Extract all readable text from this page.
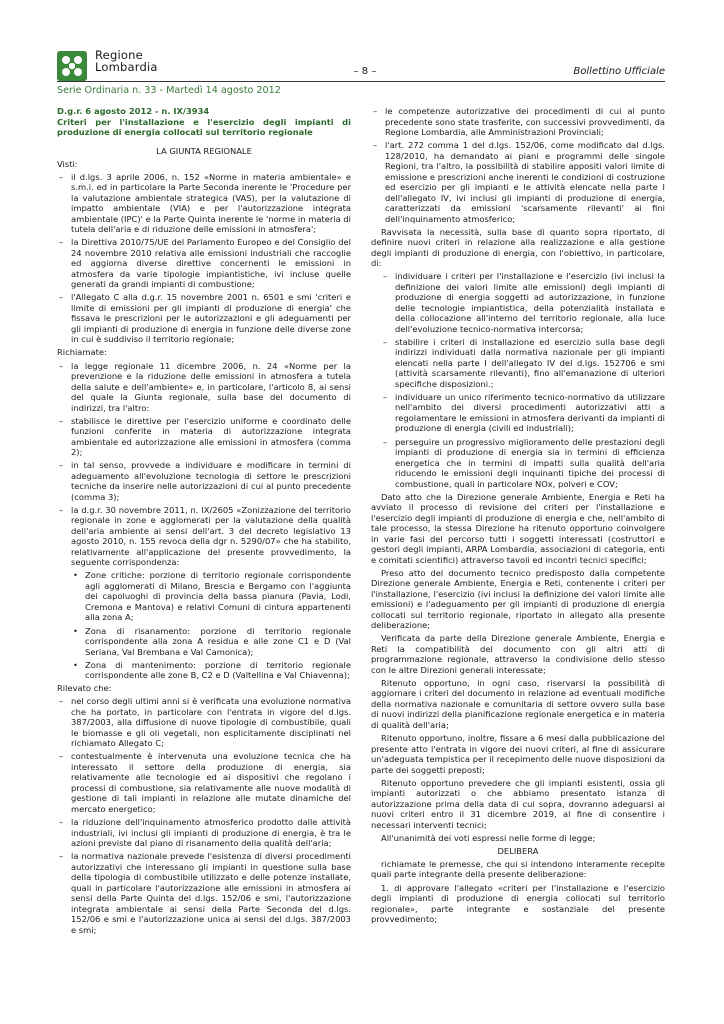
Regione
Lombardia	– 8 –	Bollettino Ufficiale
Serie Ordinaria n. 33 - Martedì 14 agosto 2012

D.g.r. 6 agosto 2012 - n. IX/3934

Criteri per l'installazione e l'esercizio degli impianti di produzione di energia collocati sul territorio regionale

LA GIUNTA REGIONALE

Visti:

– il d.lgs. 3 aprile 2006, n. 152 «Norme in materia ambientale» e s.m.i. ed in particolare la Parte Seconda inerente le 'Procedure per la valutazione ambientale strategica (VAS), per la valutazione di impatto ambientale (VIA) e per l'autorizzazione integrata ambientale (IPC)' e la Parte Quinta inerente le 'norme in materia di tutela dell'aria e di riduzione delle emissioni in atmosfera';
– la Direttiva 2010/75/UE del Parlamento Europeo e del Consiglio del 24 novembre 2010 relativa alle emissioni industriali che raccoglie ed aggiorna diverse direttive concernenti le emissioni in atmosfera da varie tipologie impiantistiche, ivi incluse quelle generati da grandi impianti di combustione;
– l'Allegato C alla d.g.r. 15 novembre 2001 n. 6501 e smi 'criteri e limite di emissioni per gli impianti di produzione di energia' che fissava le prescrizioni per le autorizzazioni e gli adeguamenti per gli impianti di produzione di energia in funzione delle diverse zone in cui è suddiviso il territorio regionale;

Richiamate:

– la legge regionale 11 dicembre 2006, n. 24 «Norme per la prevenzione e la riduzione delle emissioni in atmosfera a tutela della salute e dell'ambiente» e, in particolare, l'articolo 8, ai sensi del quale la Giunta regionale, sulla base del documento di indirizzi, tra l'altro:
– stabilisce le direttive per l'esercizio uniforme e coordinato delle funzioni conferite in materia di autorizzazione integrata ambientale ed autorizzazione alle emissioni in atmosfera (comma 2);
– in tal senso, provvede a individuare e modificare in termini di adeguamento all'evoluzione tecnologia di settore le prescrizioni tecniche da inserire nelle autorizzazioni di cui al punto precedente (comma 3);
– la d.g.r. 30 novembre 2011, n. IX/2605 «Zonizzazione del territorio regionale in zone e agglomerati per la valutazione della qualità dell'aria ambiente ai sensi dell'art. 3 del decreto legislativo 13 agosto 2010, n. 155 revoca della dgr n. 5290/07» che ha stabilito, relativamente all'applicazione del presente provvedimento, la seguente corrispondenza:
• Zone critiche: porzione di territorio regionale corrispondente agli agglomerati di Milano, Brescia e Bergamo con l'aggiunta dei capoluoghi di provincia della bassa pianura (Pavia, Lodi, Cremona e Mantova) e relativi Comuni di cintura appartenenti alla zona A;
• Zona di risanamento: porzione di territorio regionale corrispondente alla zona A residua e alle zone C1 e D (Val Seriana, Val Brembana e Val Camonica);
• Zona di mantenimento: porzione di territorio regionale corrispondente alle zone B, C2 e D (Valtellina e Val Chiavenna);

Rilevato che:

– nel corso degli ultimi anni si è verificata una evoluzione normativa che ha portato, in particolare con l'entrata in vigore del d.lgs. 387/2003, alla diffusione di nuove tipologie di combustibile, quali le biomasse e gli oli vegetali, non esplicitamente disciplinati nel richiamato Allegato C;
– contestualmente è intervenuta una evoluzione tecnica che ha interessato il settore della produzione di energia, sia relativamente alle tecnologie ed ai dispositivi che regolano i processi di combustione, sia relativamente alle nuove modalità di gestione di tali impianti in relazione alle mutate dinamiche del mercato energetico;
– la riduzione dell'inquinamento atmosferico prodotto dalle attività industriali, ivi inclusi gli impianti di produzione di energia, è tra le azioni previste dal piano di risanamento della qualità dell'aria;
– la normativa nazionale prevede l'esistenza di diversi procedimenti autorizzativi che interessano gli impianti in questione sulla base della tipologia di combustibile utilizzato e delle potenze installate, quali in particolare l'autorizzazione alle emissioni in atmosfera ai sensi della Parte Quinta del d.lgs. 152/06 e smi, l'autorizzazione integrata ambientale ai sensi della Parte Seconda del d.lgs. 152/06 e smi e l'autorizzazione unica ai sensi del d.lgs. 387/2003 e smi;
– le competenze autorizzative dei procedimenti di cui al punto precedente sono state trasferite, con successivi provvedimenti, da Regione Lombardia, alle Amministrazioni Provinciali;
– l'art. 272 comma 1 del d.lgs. 152/06, come modificato dal d.lgs. 128/2010, ha demandato ai piani e programmi delle singole Regioni, tra l'altro, la possibilità di stabilire appositi valori limite di emissione e prescrizioni anche inerenti le condizioni di costruzione ed esercizio per gli impianti e le attività elencate nella parte I dell'allegato IV, ivi inclusi gli impianti di produzione di energia, caratterizzati da emissioni 'scarsamente rilevanti' ai fini dell'inquinamento atmosferico;

Ravvisata la necessità, sulla base di quanto sopra riportato, di definire nuovi criteri in relazione alla realizzazione e alla gestione degli impianti di produzione di energia, con l'obiettivo, in particolare, di:

– individuare i criteri per l'installazione e l'esercizio (ivi inclusi la definizione dei valori limite alle emissioni) degli impianti di produzione di energia soggetti ad autorizzazione, in funzione delle tecnologie impiantistica, della potenzialità installata e della collocazione all'interno del territorio regionale, alla luce dell'evoluzione tecnico-normativa intercorsa;
– stabilire i criteri di installazione ed esercizio sulla base degli indirizzi individuati dalla normativa nazionale per gli impianti elencati nella parte I dell'allegato IV del d.lgs. 152706 e smi (attività scarsamente rilevanti), fino all'emanazione di ulteriori specifiche disposizioni.;
– individuare un unico riferimento tecnico-normativo da utilizzare nell'ambito dei diversi procedimenti autorizzativi atti a regolamentare le emissioni in atmosfera derivanti da impianti di produzione di energia (civili ed industriali);
– perseguire un progressivo miglioramento delle prestazioni degli impianti di produzione di energia sia in termini di efficienza energetica che in termini di impatti sulla qualità dell'aria riducendo le emissioni degli inquinanti tipiche dei processi di combustione, quali in particolare NOx, polveri e COV;

Dato atto che la Direzione generale Ambiente, Energia e Reti ha avviato il processo di revisione dei criteri per l'installazione e l'esercizio degli impianti di produzione di energia e che, nell'ambito di tale processo, la stessa Direzione ha ritenuto opportuno coinvolgere in varie fasi del percorso tutti i soggetti interessati (costruttori e gestori degli impianti, ARPA Lombardia, associazioni di categoria, enti e comitati scientifici) attraverso tavoli ed incontri tecnici specifici;

Preso atto del documento tecnico predisposto dalla competente Direzione generale Ambiente, Energia e Reti, contenente i criteri per l'installazione, l'esercizio (ivi inclusi la definizione dei valori limite alle emissioni) e l'adeguamento per gli impianti di produzione di energia collocati sul territorio regionale, riportato in allegato alla presente deliberazione;

Verificata da parte della Direzione generale Ambiente, Energia e Reti la compatibilità del documento con gli altri atti di programmazione regionale, attraverso la condivisione dello stesso con le altre Direzioni generali interessate;

Ritenuto opportuno, in ogni caso, riservarsi la possibilità di aggiornare i criteri del documento in relazione ad eventuali modifiche della normativa nazionale e comunitaria di settore ovvero sulla base di nuovi indirizzi della pianificazione regionale energetica e in materia di qualità dell'aria;

Ritenuto opportuno, inoltre, fissare a 6 mesi dalla pubblicazione del presente atto l'entrata in vigore dei nuovi criteri, al fine di assicurare un'adeguata tempistica per il recepimento delle nuove disposizioni da parte dei soggetti preposti;

Ritenuto opportuno prevedere che gli impianti esistenti, ossia gli impianti autorizzati o che abbiamo presentato istanza di autorizzazione prima della data di cui sopra, dovranno adeguarsi ai nuovi criteri entro il 31 dicembre 2019, al fine di consentire i necessari interventi tecnici;

All'unanimità dei voti espressi nelle forme di legge;

DELIBERA

richiamate le premesse, che qui si intendono interamente recepite quali parte integrante della presente deliberazione:

1. di approvare l'allegato «criteri per l'installazione e l'esercizio degli impianti di produzione di energia collocati sul territorio regionale», parte integrante e sostanziale del presente provvedimento;
